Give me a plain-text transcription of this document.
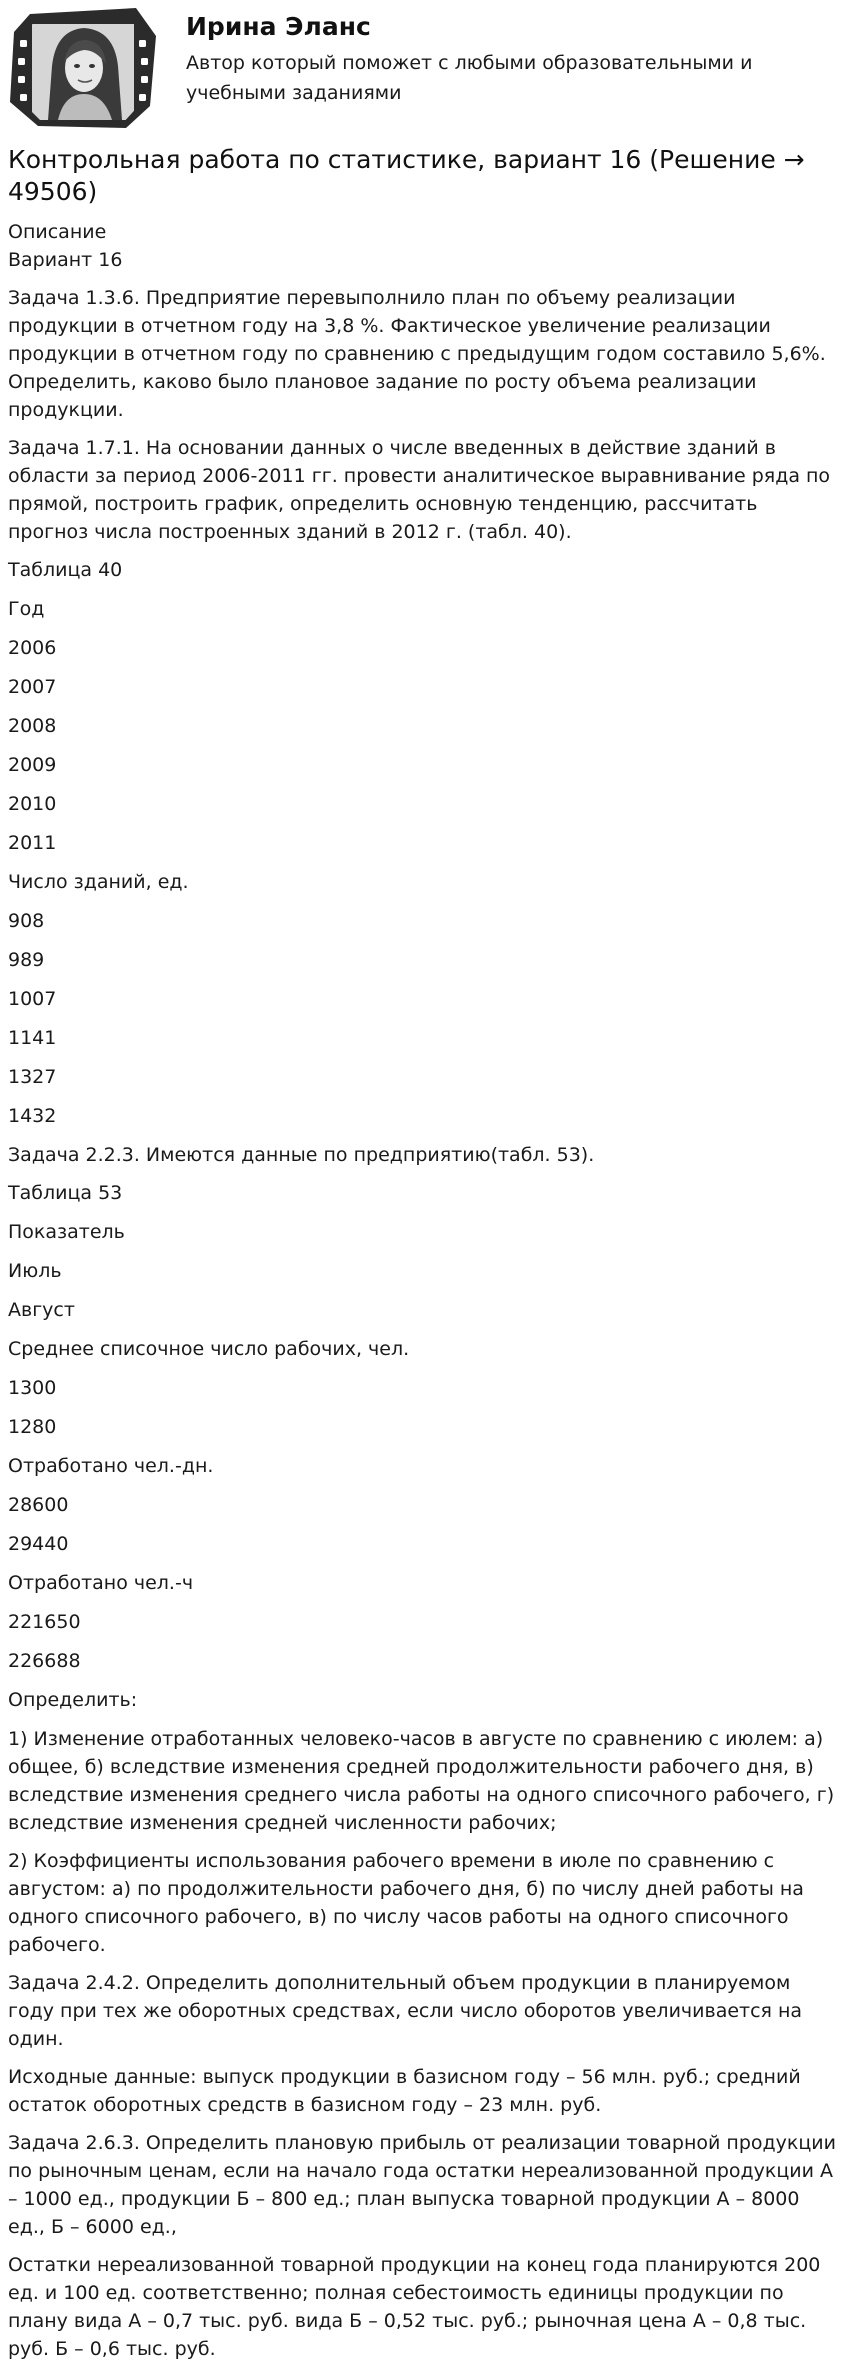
Ирина Эланс
Автор который поможет с любыми образовательными и учебными заданиями
Контрольная работа по статистике, вариант 16 (Решение → 49506)
Описание
Вариант 16
Задача 1.3.6. Предприятие перевыполнило план по объему реализации продукции в отчетном году на 3,8 %. Фактическое увеличение реализации продукции в отчетном году по сравнению с предыдущим годом составило 5,6%. Определить, каково было плановое задание по росту объема реализации продукции.
Задача 1.7.1. На основании данных о числе введенных в действие зданий в области за период 2006-2011 гг. провести аналитическое выравнивание ряда по прямой, построить график, определить основную тенденцию, рассчитать прогноз числа построенных зданий в 2012 г. (табл. 40).
Таблица 40
Год
2006
2007
2008
2009
2010
2011
Число зданий, ед.
908
989
1007
1141
1327
1432
Задача 2.2.3. Имеются данные по предприятию(табл. 53).
Таблица 53
Показатель
Июль
Август
Среднее списочное число рабочих, чел.
1300
1280
Отработано чел.-дн.
28600
29440
Отработано чел.-ч
221650
226688
Определить:
1) Изменение отработанных человеко-часов в августе по сравнению с июлем: а) общее, б) вследствие изменения средней продолжительности рабочего дня, в) вследствие изменения среднего числа работы на одного списочного рабочего, г) вследствие изменения средней численности рабочих;
2) Коэффициенты использования рабочего времени в июле по сравнению с августом: а) по продолжительности рабочего дня, б) по числу дней работы на одного списочного рабочего, в) по числу часов работы на одного списочного рабочего.
Задача 2.4.2. Определить дополнительный объем продукции в планируемом году при тех же оборотных средствах, если число оборотов увеличивается на один.
Исходные данные: выпуск продукции в базисном году – 56 млн. руб.; средний остаток оборотных средств в базисном году – 23 млн. руб.
Задача 2.6.3. Определить плановую прибыль от реализации товарной продукции по рыночным ценам, если на начало года остатки нереализованной продукции А – 1000 ед., продукции Б – 800 ед.; план выпуска товарной продукции А – 8000 ед., Б – 6000 ед.,
Остатки нереализованной товарной продукции на конец года планируются 200 ед. и 100 ед. соответственно; полная себестоимость единицы продукции по плану вида А – 0,7 тыс. руб. вида Б – 0,52 тыс. руб.; рыночная цена А – 0,8 тыс. руб. Б – 0,6 тыс. руб.
